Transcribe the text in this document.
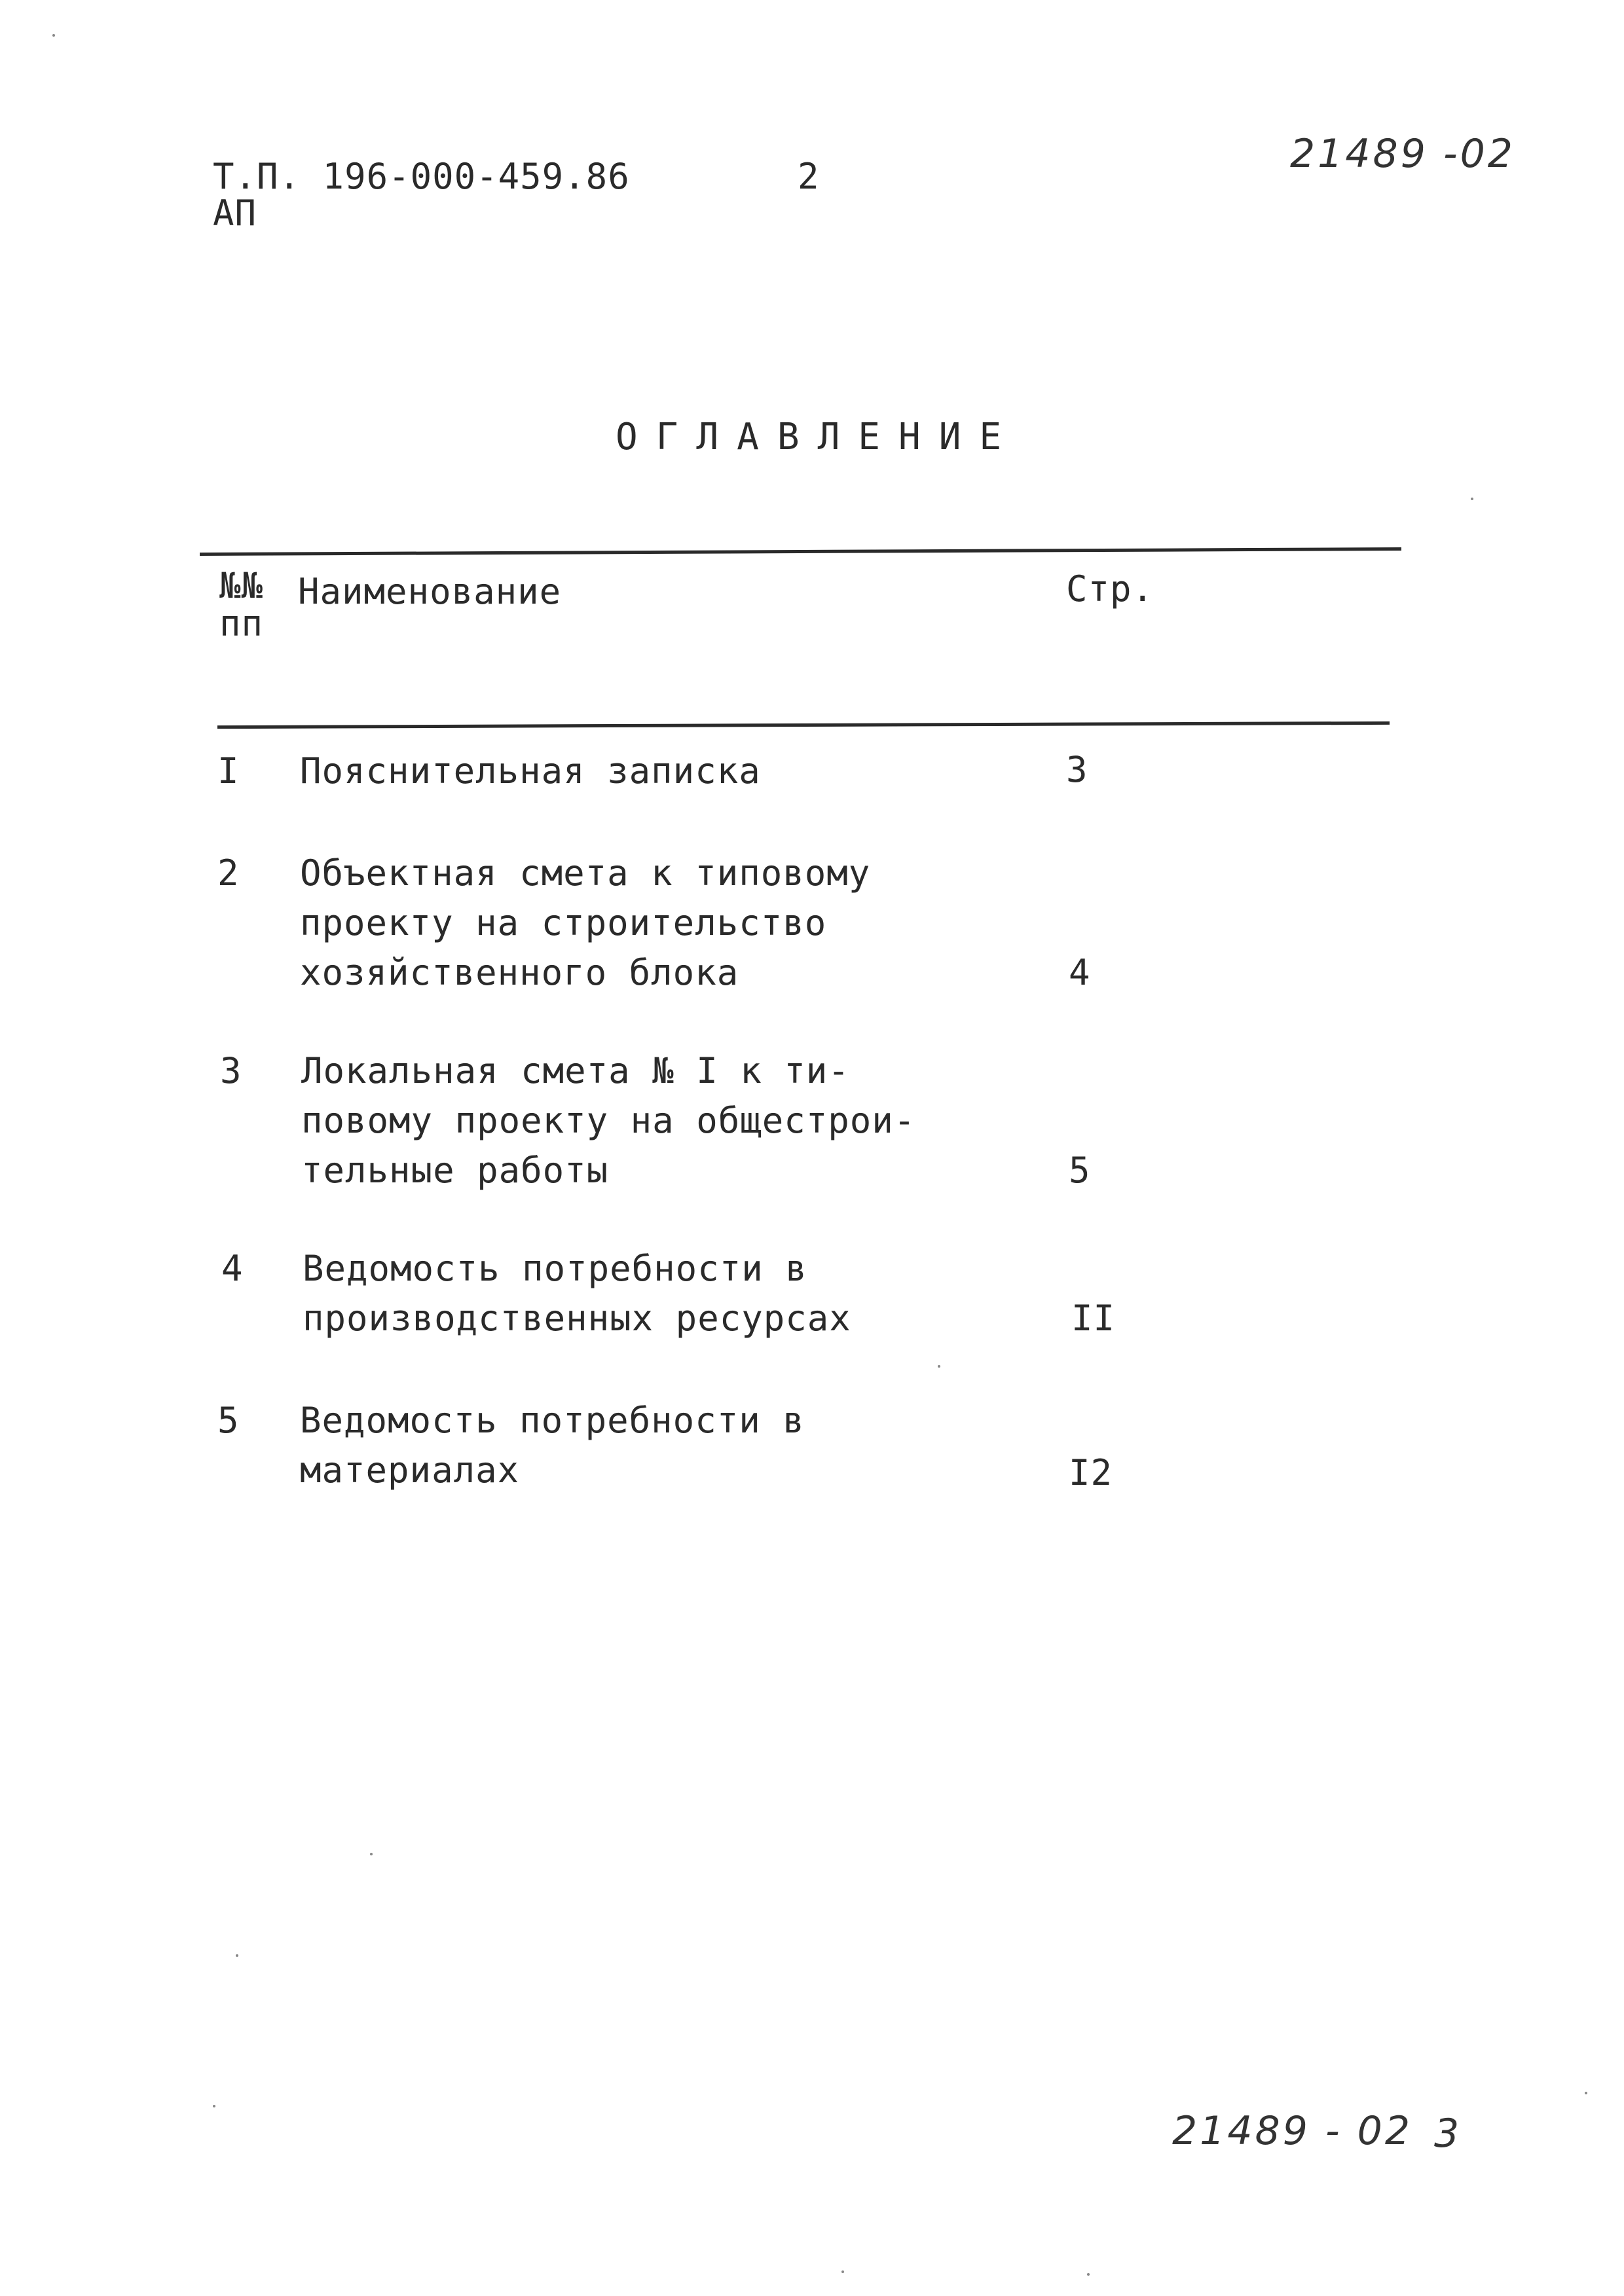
Т.П. 196-000-459.86
АП
2	21489 -02
ОГЛАВЛЕНИЕ
№№
пп
Наименование	Стр.
I Пояснительная записка	3
2 Объектная смета к типовому проекту на строительство хозяйственного блока	4
3 Локальная смета № I к ти- повому проекту на общестрои- тельные работы	5
4 Ведомость потребности в производственных ресурсах	II
5 Ведомость потребности в материалах	I2
21489 - 02 3
